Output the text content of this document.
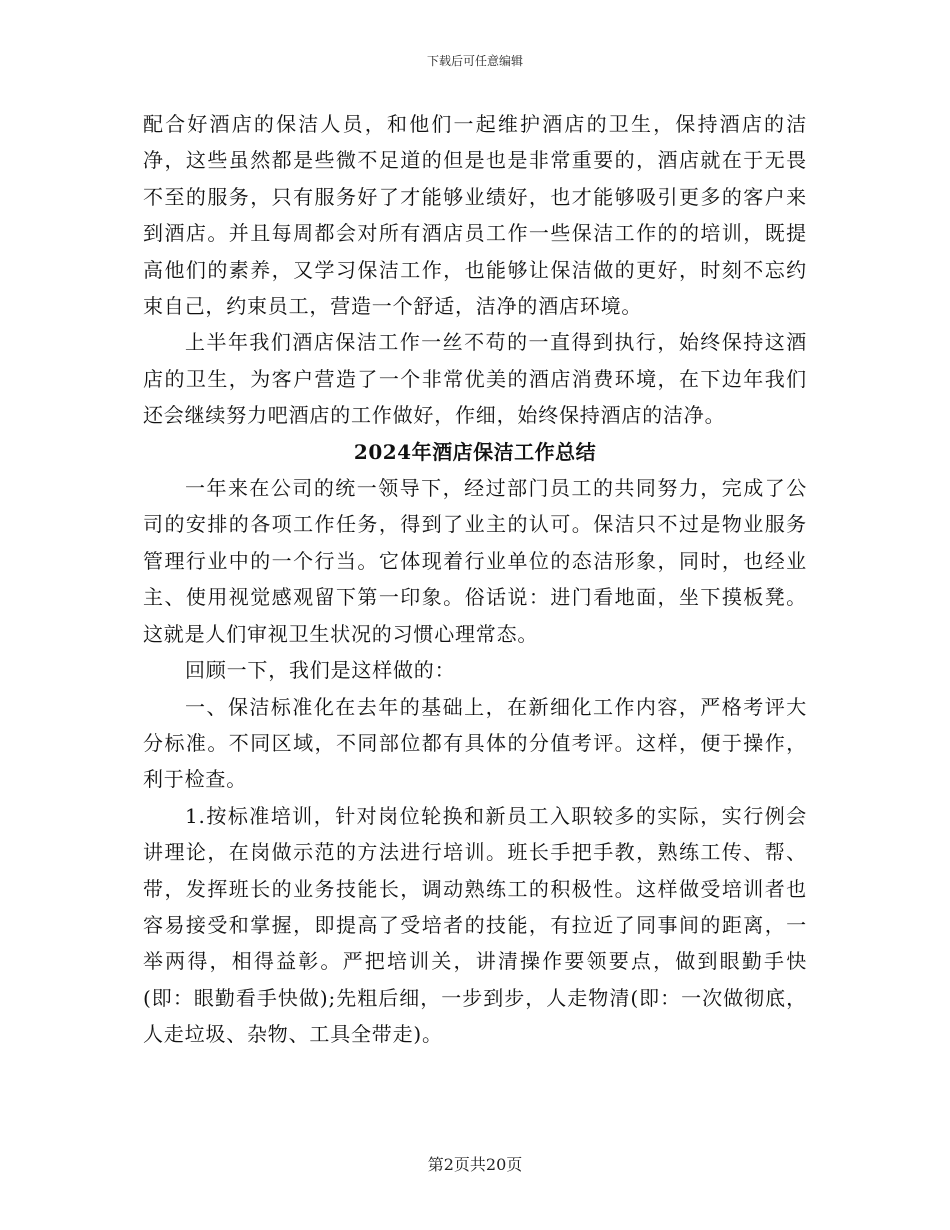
下载后可任意编辑

配合好酒店的保洁人员，和他们一起维护酒店的卫生，保持酒店的洁净，这些虽然都是些微不足道的但是也是非常重要的，酒店就在于无畏不至的服务，只有服务好了才能够业绩好，也才能够吸引更多的客户来到酒店。并且每周都会对所有酒店员工作一些保洁工作的的培训，既提高他们的素养，又学习保洁工作，也能够让保洁做的更好，时刻不忘约束自己，约束员工，营造一个舒适，洁净的酒店环境。

上半年我们酒店保洁工作一丝不苟的一直得到执行，始终保持这酒店的卫生，为客户营造了一个非常优美的酒店消费环境，在下边年我们还会继续努力吧酒店的工作做好，作细，始终保持酒店的洁净。

2024年酒店保洁工作总结

一年来在公司的统一领导下，经过部门员工的共同努力，完成了公司的安排的各项工作任务，得到了业主的认可。保洁只不过是物业服务管理行业中的一个行当。它体现着行业单位的态洁形象，同时，也经业主、使用视觉感观留下第一印象。俗话说：进门看地面，坐下摸板凳。这就是人们审视卫生状况的习惯心理常态。

回顾一下，我们是这样做的：

一、保洁标准化在去年的基础上，在新细化工作内容，严格考评大分标准。不同区域，不同部位都有具体的分值考评。这样，便于操作，利于检查。

1.按标准培训，针对岗位轮换和新员工入职较多的实际，实行例会讲理论，在岗做示范的方法进行培训。班长手把手教，熟练工传、帮、带，发挥班长的业务技能长，调动熟练工的积极性。这样做受培训者也容易接受和掌握，即提高了受培者的技能，有拉近了同事间的距离，一举两得，相得益彰。严把培训关，讲清操作要领要点，做到眼勤手快(即：眼勤看手快做);先粗后细，一步到步，人走物清(即：一次做彻底，人走垃圾、杂物、工具全带走)。

第2页共20页
